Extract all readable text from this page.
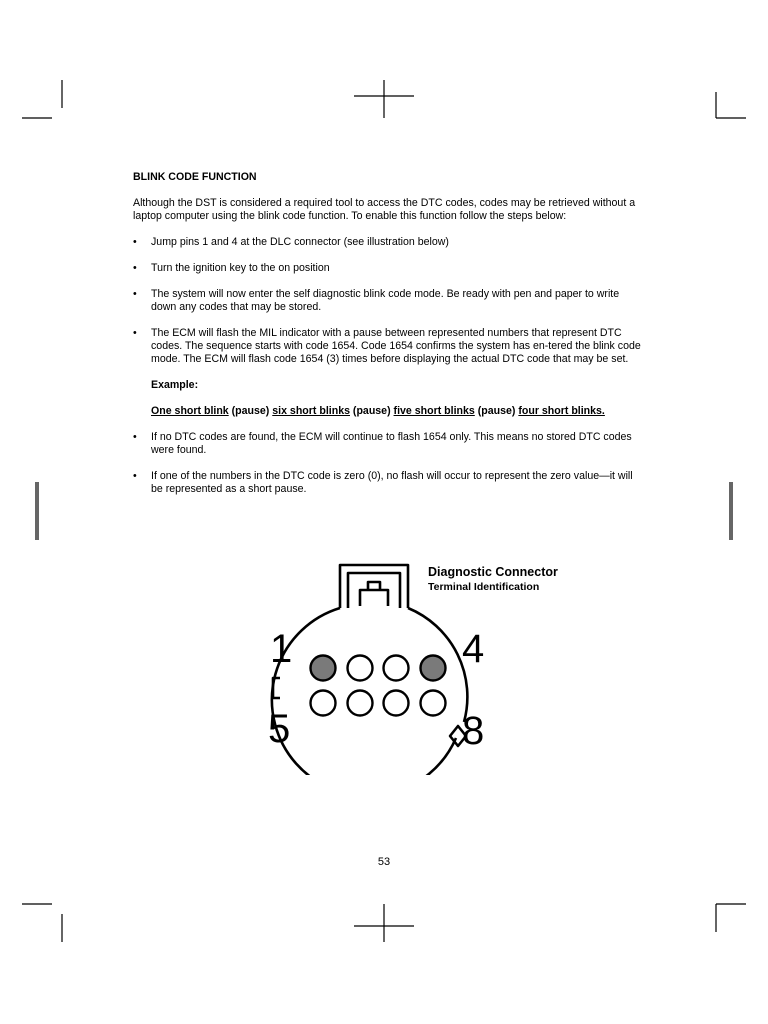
BLINK CODE FUNCTION
Although the DST is considered a required tool to access the DTC codes, codes may be retrieved without a laptop computer using the blink code function. To enable this function follow the steps below:
• Jump pins 1 and 4 at the DLC connector (see illustration below)
• Turn the ignition key to the on position
• The system will now enter the self diagnostic blink code mode. Be ready with pen and paper to write down any codes that may be stored.
• The ECM will flash the MIL indicator with a pause between represented numbers that represent DTC codes. The sequence starts with code 1654. Code 1654 confirms the system has en-tered the blink code mode. The ECM will flash code 1654 (3) times before displaying the actual DTC code that may be set.
Example:
One short blink (pause) six short blinks (pause) five short blinks (pause) four short blinks.
• If no DTC codes are found, the ECM will continue to flash 1654 only. This means no stored DTC codes were found.
• If one of the numbers in the DTC code is zero (0), no flash will occur to represent the zero value—it will be represented as a short pause.
1	4
5	8
Diagnostic Connector
Terminal Identification
53
